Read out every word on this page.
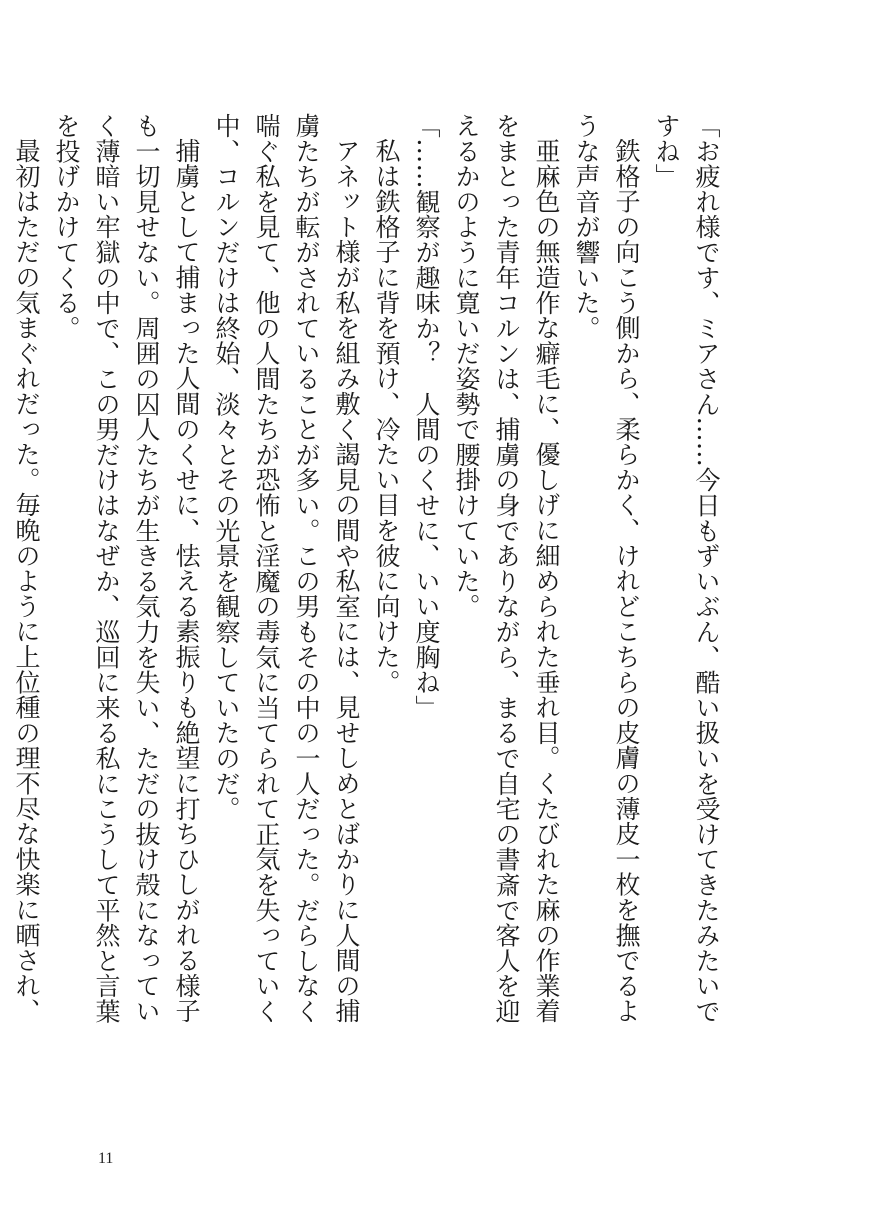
「お疲れ様です、ミアさん……今日もずいぶん、酷い扱いを受けてきたみたいですね」

鉄格子の向こう側から、柔らかく、けれどこちらの皮膚の薄皮一枚を撫でるような声音が響いた。

亜麻色の無造作な癖毛に、優しげに細められた垂れ目。くたびれた麻の作業着をまとった青年コルンは、捕虜の身でありながら、まるで自宅の書斎で客人を迎えるかのように寛いだ姿勢で腰掛けていた。

「……観察が趣味か？　人間のくせに、いい度胸ね」

私は鉄格子に背を預け、冷たい目を彼に向けた。

アネット様が私を組み敷く謁見の間や私室には、見せしめとばかりに人間の捕虜たちが転がされていることが多い。この男もその中の一人だった。だらしなく喘ぐ私を見て、他の人間たちが恐怖と淫魔の毒気に当てられて正気を失っていく中、コルンだけは終始、淡々とその光景を観察していたのだ。

捕虜として捕まった人間のくせに、怯える素振りも絶望に打ちひしがれる様子も一切見せない。周囲の囚人たちが生きる気力を失い、ただの抜け殻になっていく薄暗い牢獄の中で、この男だけはなぜか、巡回に来る私にこうして平然と言葉を投げかけてくる。

最初はただの気まぐれだった。毎晩のように上位種の理不尽な快楽に晒され、

11
